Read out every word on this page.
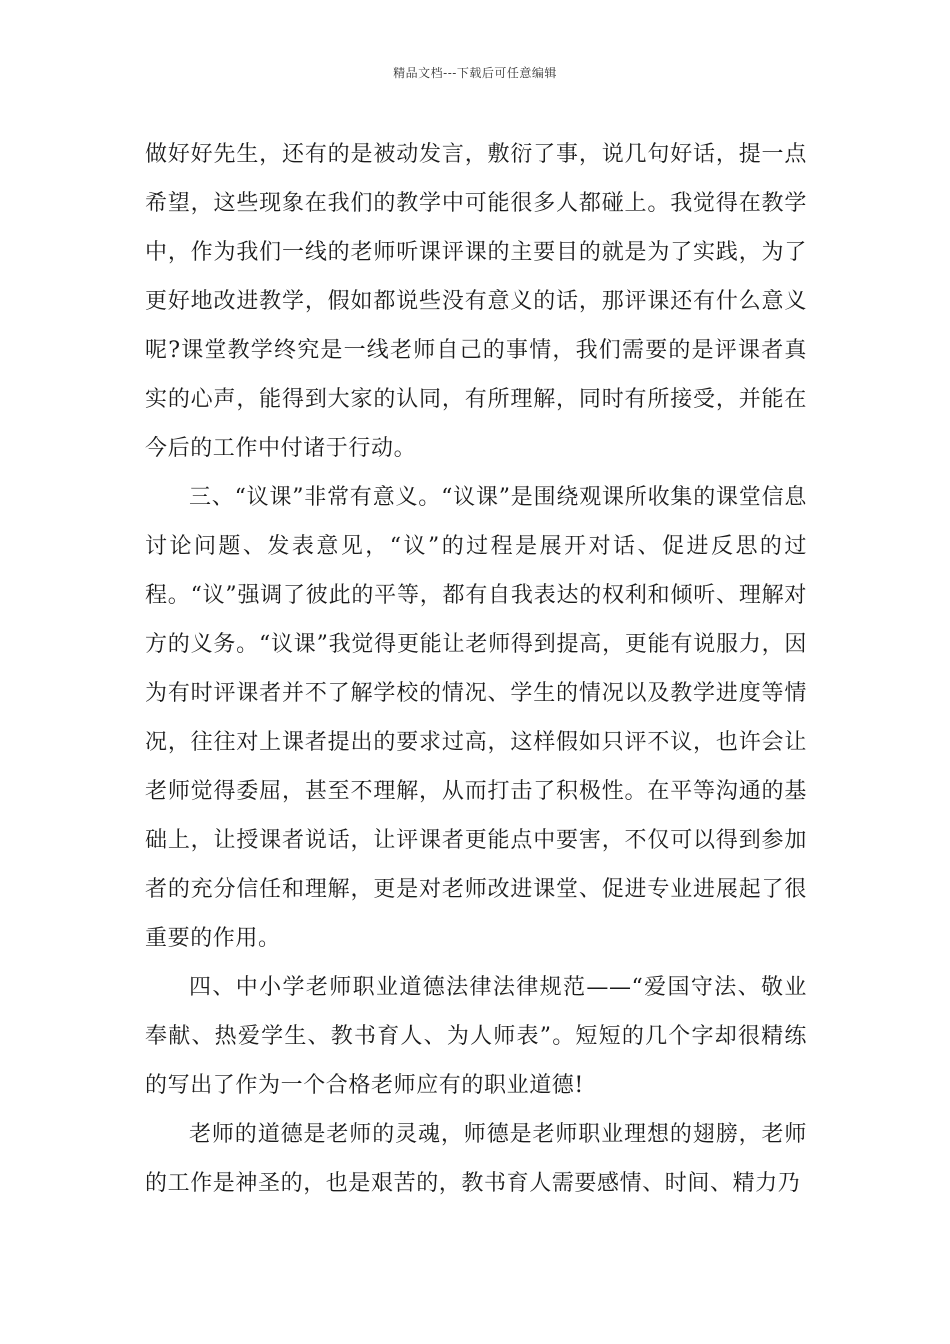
精品文档---下载后可任意编辑

做好好先生，还有的是被动发言，敷衍了事，说几句好话，提一点希望，这些现象在我们的教学中可能很多人都碰上。我觉得在教学中，作为我们一线的老师听课评课的主要目的就是为了实践，为了更好地改进教学，假如都说些没有意义的话，那评课还有什么意义呢?课堂教学终究是一线老师自己的事情，我们需要的是评课者真实的心声，能得到大家的认同，有所理解，同时有所接受，并能在今后的工作中付诸于行动。

三、“议课”非常有意义。“议课”是围绕观课所收集的课堂信息讨论问题、发表意见，“议”的过程是展开对话、促进反思的过程。“议”强调了彼此的平等，都有自我表达的权利和倾听、理解对方的义务。“议课”我觉得更能让老师得到提高，更能有说服力，因为有时评课者并不了解学校的情况、学生的情况以及教学进度等情况，往往对上课者提出的要求过高，这样假如只评不议，也许会让老师觉得委屈，甚至不理解，从而打击了积极性。在平等沟通的基础上，让授课者说话，让评课者更能点中要害，不仅可以得到参加者的充分信任和理解，更是对老师改进课堂、促进专业进展起了很重要的作用。

四、中小学老师职业道德法律法律规范——“爱国守法、敬业奉献、热爱学生、教书育人、为人师表”。短短的几个字却很精练的写出了作为一个合格老师应有的职业道德!

老师的道德是老师的灵魂，师德是老师职业理想的翅膀，老师的工作是神圣的，也是艰苦的，教书育人需要感情、时间、精力乃
